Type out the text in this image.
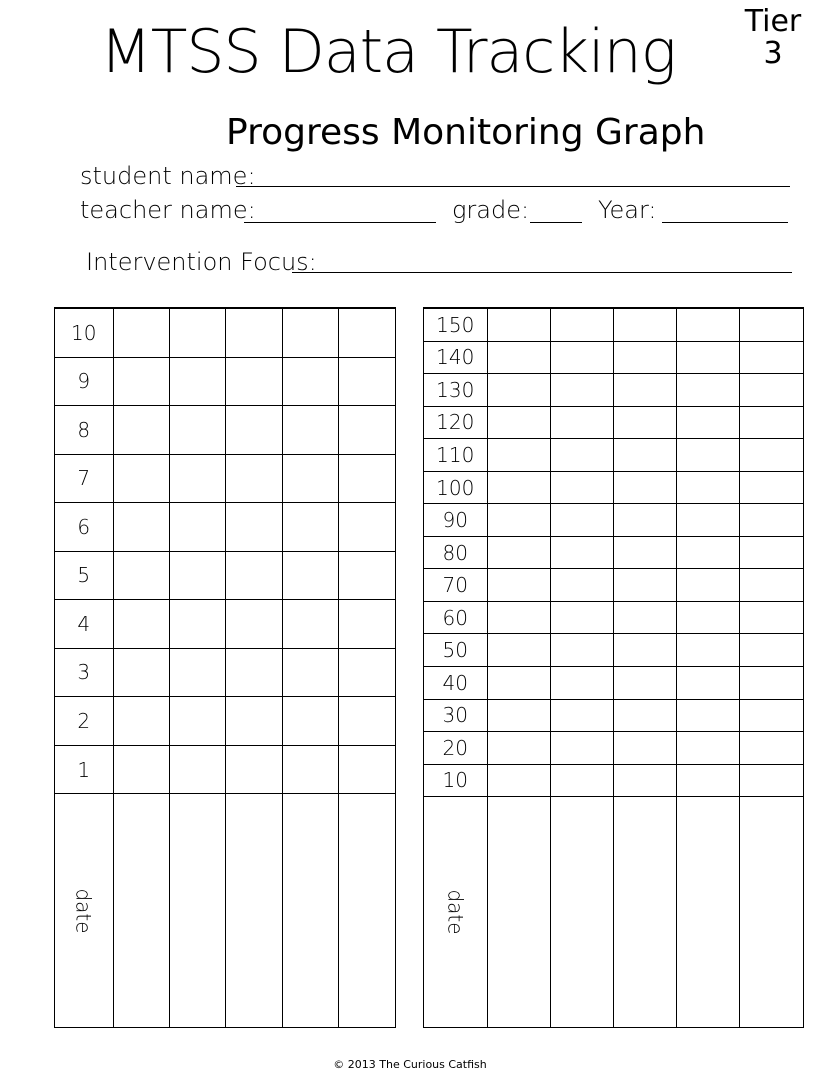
MTSS Data Tracking	Tier
3
Progress Monitoring Graph
student name:
teacher name:	grade:	Year:
Intervention Focus:
10					
9					
8					
7					
6					
5					
4					
3					
2					
1					
date					
150					
140					
130					
120					
110					
100					
90					
80					
70					
60					
50					
40					
30					
20					
10					
date					
© 2013 The Curious Catfish
